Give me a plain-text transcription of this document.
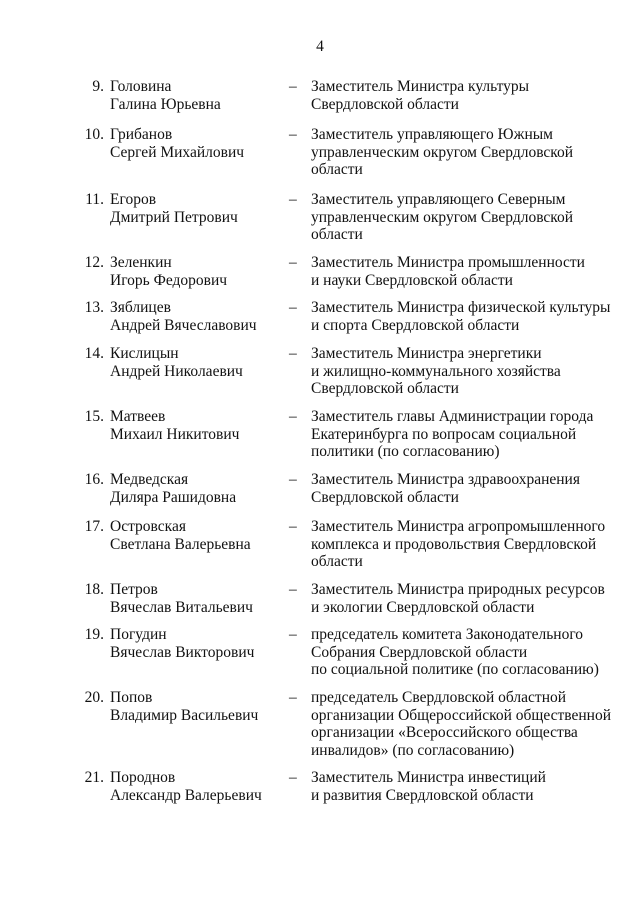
4
9. Головина
Галина Юрьевна
– Заместитель Министра культуры
Свердловской области
10. Грибанов
Сергей Михайлович
– Заместитель управляющего Южным
управленческим округом Свердловской
области
11. Егоров
Дмитрий Петрович
– Заместитель управляющего Северным
управленческим округом Свердловской
области
12. Зеленкин
Игорь Федорович
– Заместитель Министра промышленности
и науки Свердловской области
13. Зяблицев
Андрей Вячеславович
– Заместитель Министра физической культуры
и спорта Свердловской области
14. Кислицын
Андрей Николаевич
– Заместитель Министра энергетики
и жилищно-коммунального хозяйства
Свердловской области
15. Матвеев
Михаил Никитович
– Заместитель главы Администрации города
Екатеринбурга по вопросам социальной
политики (по согласованию)
16. Медведская
Диляра Рашидовна
– Заместитель Министра здравоохранения
Свердловской области
17. Островская
Светлана Валерьевна
– Заместитель Министра агропромышленного
комплекса и продовольствия Свердловской
области
18. Петров
Вячеслав Витальевич
– Заместитель Министра природных ресурсов
и экологии Свердловской области
19. Погудин
Вячеслав Викторович
– председатель комитета Законодательного
Собрания Свердловской области
по социальной политике (по согласованию)
20. Попов
Владимир Васильевич
– председатель Свердловской областной
организации Общероссийской общественной
организации «Всероссийского общества
инвалидов» (по согласованию)
21. Породнов
Александр Валерьевич
– Заместитель Министра инвестиций
и развития Свердловской области
